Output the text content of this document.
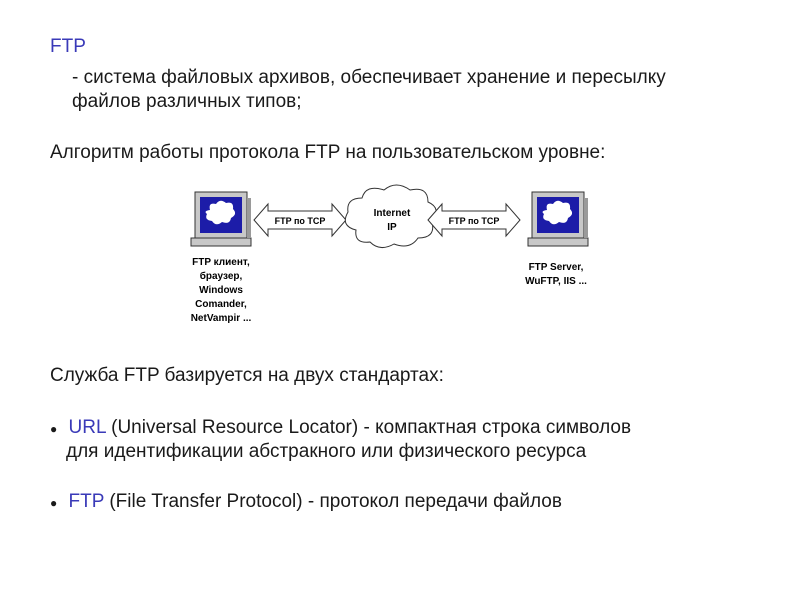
FTP
- система файловых архивов, обеспечивает хранение и пересылку
файлов различных типов;
Алгоритм работы протокола FTP на пользовательском уровне:
FTP по TCP
Internet
IP
FTP по TCP
FTP клиент,
браузер,
Windows
Comander,
NetVampir ...
FTP Server,
WuFTP, IIS ...
Служба FTP базируется на двух стандартах:
● URL (Universal Resource Locator) - компактная строка символов
для идентификации абстракного или физического ресурса
● FTP (File Transfer Protocol) - протокол передачи файлов
